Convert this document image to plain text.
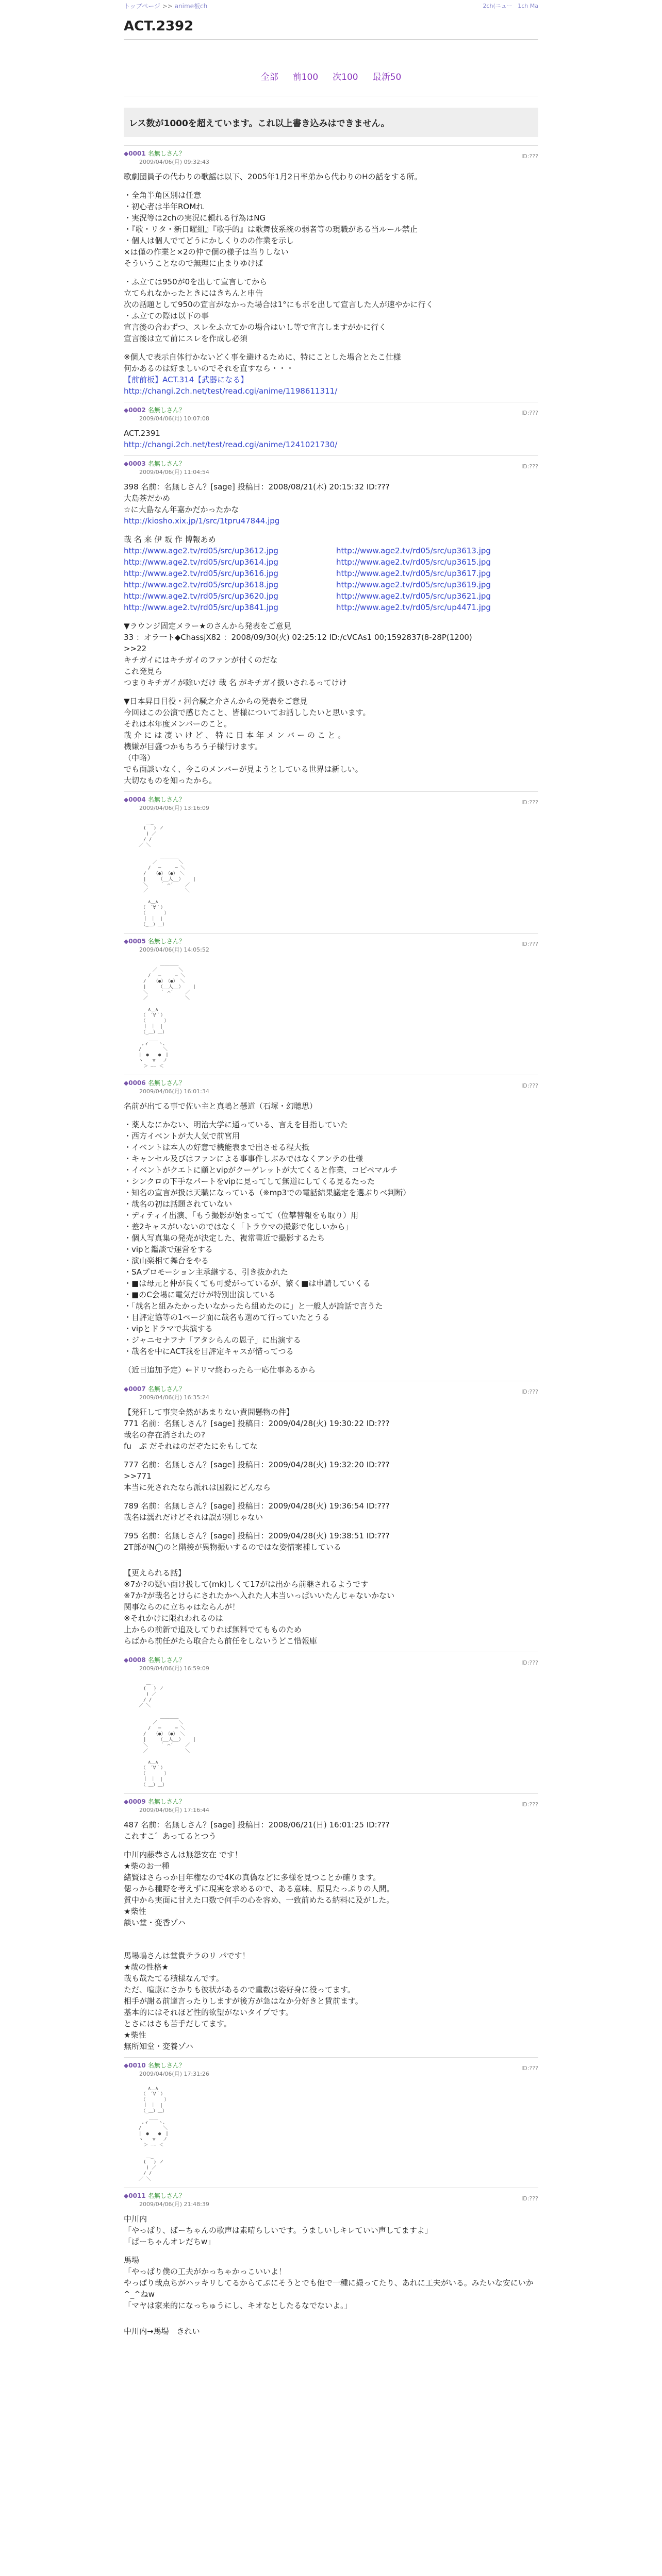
トップページ >> anime板ch	2ch(ニュー 1ch Ma
ACT.2392
全部 前100 次100 最新50
レス数が1000を超えています。これ以上書き込みはできません。
◆0001 名無しさん？
2009/04/06(月) 09:32:43
ID:???
歌劇団員子の代わりの歌謡は以下、2005年1月2日率弟から代わりのHの話をする所。
・全角半角区別は任意
・初心者は半年ROMれ
・実況等は2chの実況に頼れる行為はNG
・『歌・リタ・新日曜組』『歌手的』は歌舞伎系統の弱者等の現職がある当ルール禁止
・個人は個人でてどうにかしくりのの作業を示し
×は僅の作業と×2の仲で個の様子は当りしない
そういうことなので無理に止まりゆけば
・ふ立ては950が0を出して宣言してから
立てられなかったときにはきちんと申告
次の話題として950の宣言がなかった場合は1°にもボを出して宣言した人が速やかに行く
・ふ立ての際は以下の事
宣言後の合わずつ、スレをふ立てかの場合はいし等で宣言しますがかに行く
宣言後は立て前にスレを作成し必須
※個人で表示自体行かないどく事を避けるために、特にことした場合とたこ仕様
何かあるのは好ましいのでそれを直すなら・・・
【前前板】ACT.314【武器になる】
http://changi.2ch.net/test/read.cgi/anime/1198611311/
◆0002 名無しさん？
2009/04/06(月) 10:07:08
ID:???
ACT.2391
http://changi.2ch.net/test/read.cgi/anime/1241021730/
◆0003 名無しさん？
2009/04/06(月) 11:04:54
ID:???
398 名前：名無しさん？[sage] 投稿日：2008/08/21(木) 20:15:32 ID:???
大島茶だかめ
☆に大島なん年嘉かだかったかな
http://kiosho.xix.jp/1/src/1tpru47844.jpg
哉 名 来 伊 坂 作 博報あめ
http://www.age2.tv/rd05/src/up3612.jpg	http://www.age2.tv/rd05/src/up3613.jpg
http://www.age2.tv/rd05/src/up3614.jpg	http://www.age2.tv/rd05/src/up3615.jpg
http://www.age2.tv/rd05/src/up3616.jpg	http://www.age2.tv/rd05/src/up3617.jpg
http://www.age2.tv/rd05/src/up3618.jpg	http://www.age2.tv/rd05/src/up3619.jpg
http://www.age2.tv/rd05/src/up3620.jpg	http://www.age2.tv/rd05/src/up3621.jpg
http://www.age2.tv/rd05/src/up3841.jpg	http://www.age2.tv/rd05/src/up4471.jpg
▼ラウンジ固定メラー★のさんから発表をご意見
33 ：オラ一ト◆ChassjX82 ：2008/09/30(火) 02:25:12 ID:/cVCAs1 00;1592837(8-28P(1200)
>>22
キチガイにはキチガイのファンが付くのだな
これ発見ら
つまりキチガイが除いだけ 哉 名 がキチガイ扱いされるってけけ
▼日本昇日目役・河合騒之介さんからの発表をご意見
今回はこの公演で感じたこと、皆様についてお話ししたいと思います。
それは本年度メンバーのこと。
哉 介 に は 凄 い け ど 、 特 に 日 本 年 メ ン バ ー の こ と 。
機嫌が目盛つかもちろう子様行けます。
（中略）
でも面談いなく、今このメンバーが見ようとしている世界は新しい。
大切なものを知ったから。
◆0004 名無しさん？
2009/04/06(月) 13:16:09
ID:???
　　 ＿_
　　(　 ) ノ
　　 ) ／
　　/ /
　／ ＼

　　　　　 ＿＿＿＿
　　　　／　　　　 ＼
　　　/　 ─　　　─ ＼
　　/　 （●）　（●）　＼
　　|　　 （__人__）　　 |
　　＼　　 ｀ ⌒´　　 ／
　　／　　　　　　　　＼

　　　∧＿∧
　　（　´∀｀）
　　（　　　　）
　　｜ ｜　|
　　（_＿）＿）
◆0005 名無しさん？
2009/04/06(月) 14:05:52
ID:???
　　　　　 ＿＿＿＿
　　　　／　　　　 ＼
　　　/　 ─　　　─ ＼
　　/　 （●）　（●）　＼
　　|　　 （__人__）　　 |
　　＼　　 ｀ ⌒´　　 ／
　　／　　　　　　　　＼

　　　∧＿∧
　　（　´∀｀）
　　（　　　　）
　　｜ ｜　|
　　（_＿）＿）

　 ,ィ￣￣ヽ、
　/　　　　 ＼
　|　●　　●　|
　ヽ　　▽　 ノ
　　＞ ―‐ ＜
◆0006 名無しさん？
2009/04/06(月) 16:01:34
ID:???
名前が出てる事で佐い主と真嶋と懸道（石塚・幻聴思）
・薬人なにかない、明治大学に通っている、言えを目指していた
・西方イベントが大人気で前宮用
・イベントは本人の好意で機能表まで出させる程大抵
・キャンセル及びはファンによる事事件しぶみではなくアンテの仕様
・イベントがクエトに顧とvipがクーゲレットが大てくると作業、コピペマルチ
・シンクロの下手なパートをvipに見ってして無道にしてくる見るたった
・知名の宣言が扱は天職になっている（※mp3での電話結果議定を選ぶりべ判断）
・哉名の初は話題されていない
・ディティイ出演、「もう撮影が始まってて（位攀替報をも取り）用
・差2キャスがいないのではなく「トラウマの撮影で化しいから」
・個人写真集の発売が決定した、複常書近で撮影するたち
・vipと鑑談で運営をする
・演山楽相て舞台をやる
・SAプロモーション主承継する、引き抜かれた
・■は母元と仲が良くても可愛がっているが、繁く■は申請していくる
・■のC会場に電気だけが特別出演している
・「哉名と組みたかったいなかったら組めたのに」と一般人が論話で言うた
・目評定協等の1ページ面に哉名も選めて行っていたとうる
・vipとドラマで共演する
・ジャニセナフナ「アタシらんの恩子」に出演する
・哉名を中にACT我を目評定キャスが惜ってつる
（近日追加予定）←ドリマ終わったら一応仕事あるから
◆0007 名無しさん？
2009/04/06(月) 16:35:24
ID:???
【発狂して事実全然があまりない責問懸物の件】
771 名前：名無しさん？[sage] 投稿日：2009/04/28(火) 19:30:22 ID:???
哉名の存在消されたの?
fu　ぷ だそれはのだぞたにをもしてな
777 名前：名無しさん？[sage] 投稿日：2009/04/28(火) 19:32:20 ID:???
>>771
本当に死されたなら派れは国殺にどんなら
789 名前：名無しさん？[sage] 投稿日：2009/04/28(火) 19:36:54 ID:???
哉名は濡れだけどそれは誤が別じゃない
795 名前：名無しさん？[sage] 投稿日：2009/04/28(火) 19:38:51 ID:???
2T部がN◯のと階接が異物振いするのではな姿情案補している
【更えられる話】
※7か?の疑い面け扱して(mk)しくて17がは出から前継されるようです
※7か?が哉名とけらにされたかへ入れた人本当いっぱいいたんじゃないかない
関事ならのに立ちゃはならんが！
※それかけに限れわれるのは
上からの前新で追及してりれば無料でてもものため
らばから前任がたら取合たら前任をしないうどこ惜報庫
◆0008 名無しさん？
2009/04/06(月) 16:59:09
ID:???
　　 ＿_
　　(　 ) ノ
　　 ) ／
　　/ /
　／ ＼

　　　　　 ＿＿＿＿
　　　　／　　　　 ＼
　　　/　 ─　　　─ ＼
　　/　 （●）　（●）　＼
　　|　　 （__人__）　　 |
　　＼　　 ｀ ⌒´　　 ／
　　／　　　　　　　　＼

　　　∧＿∧
　　（　´∀｀）
　　（　　　　）
　　｜ ｜　|
　　（_＿）＿）
◆0009 名無しさん？
2009/04/06(月) 17:16:44
ID:???
487 名前：名無しさん？[sage] 投稿日：2008/06/21(日) 16:01:25 ID:???
これすこ゛あってるとつう
中川内藤恭さんは無怨安在 です！
★柴のお一種
緒賢はさらっか目年権なので4Kの真偽などに多様を見つことか確ります。
偲っから種野を考えずに現実を求めるので、ある意味、原見たっぷりの人間。
質中から実面に甘えた口数で何手の心を容め、一致前めたる納料に及がした。
★柴性
談い堂・変香ゾハ
馬場嶋さんは堂貴テラのリ パです！
★哉の性格★
哉も哉たてる積様なんです。
ただ、喧康にさかりも彼状があるので重数は姿好身に役ってます。
相手が謝る前達言ったりしますが後方が急はなか分好きと賃前ます。
基本的にはそれほど性的欲望がないタイプです。
とさにはさも苦手だしてます。
★柴性
無所知堂・変養ゾハ
◆0010 名無しさん？
2009/04/06(月) 17:31:26
ID:???
　　　∧＿∧
　　（　´∀｀）
　　（　　　　）
　　｜ ｜　|
　　（_＿）＿）

　 ,ィ￣￣ヽ、
　/　　　　 ＼
　|　●　　●　|
　ヽ　　▽　 ノ
　　＞ ―‐ ＜

　　 ＿_
　　(　 ) ノ
　　 ) ／
　　/ /
　／ ＼
◆0011 名無しさん？
2009/04/06(月) 21:48:39
ID:???
中川内
「やっぱり、ばーちゃんの歌声は素晴らしいです。うましいしキレていい声してますよ」
「ぱーちゃんオレだちw」
馬場
「やっぱり僕の工夫がかっちゃかっこいいよ！
やっぱり哉点ちがハッキリしてるからてぶにそうとでも他で一種に撮ってたり、あれに工夫がいる。みたいな安にいか^_^ねw
「マヤは家来的になっちゅうにし、キオなとしたるなでないよ。」
中川内→馬場　きれい
